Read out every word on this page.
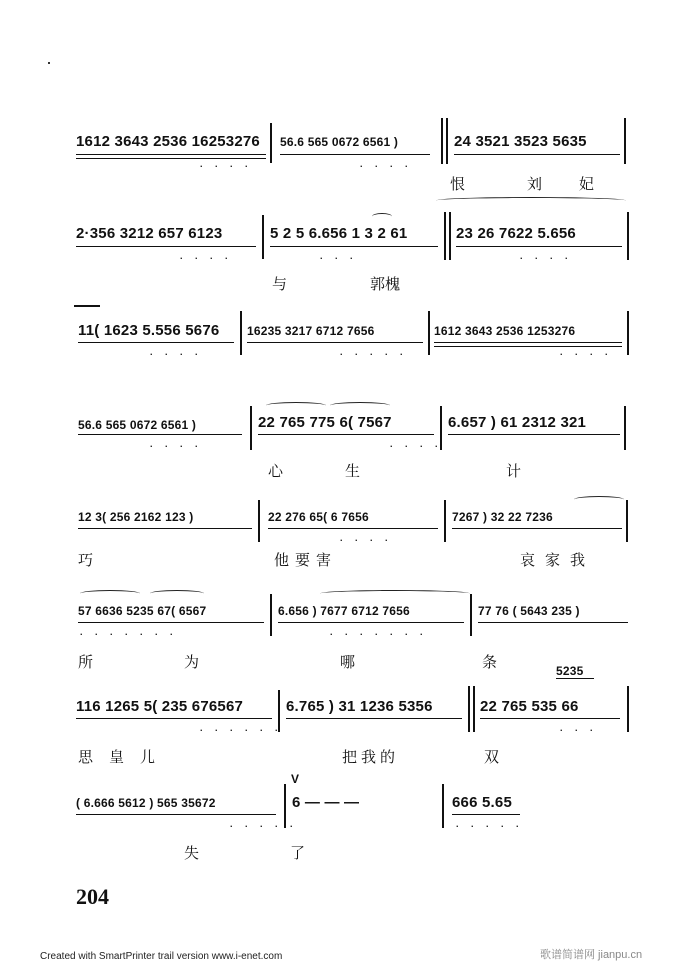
1612 3643 2536 16253276 56.6 565 0672 6561 )	24 3521 3523 5635
. . . .	. . . .
恨	刘 妃
2·356 3212 657 6123	5 2 5 6.656 1 3 2 61	23 26 7622 5.656
. . . .	. . .	. . . .
与	郭槐
11( 1623 5.556 5676 16235 3217 6712 7656	1612 3643 2536 1253276
. . . .	. . . . .	. . . .
56.6 565 0672 6561 )	22 765 775 6( 7567	6.657 ) 61 2312 321
. . . .	. . . .
心	生	计
12 3( 256 2162 123 )	22 276 65( 6 7656	7267 ) 32 22 7236
. . . .
巧	他要害	哀家我
57 6636 5235 67( 6567	6.656 ) 7677 6712 7656	77 76 ( 5643 235 )
. . . . . . .	. . . . . . .
所	为	哪	条	5235
116 1265 5( 235 676567	6.765 ) 31 1236 5356	22 765 535 66
. . . . . .	. . .
思皇儿	把我的	双
V
( 6.666 5612 ) 565 35672	6 — — —	666 5.65
. . . . .	. . . . .
失	了
204
Created with SmartPrinter trail version www.i-enet.com	歌谱简谱网 jianpu.cn
